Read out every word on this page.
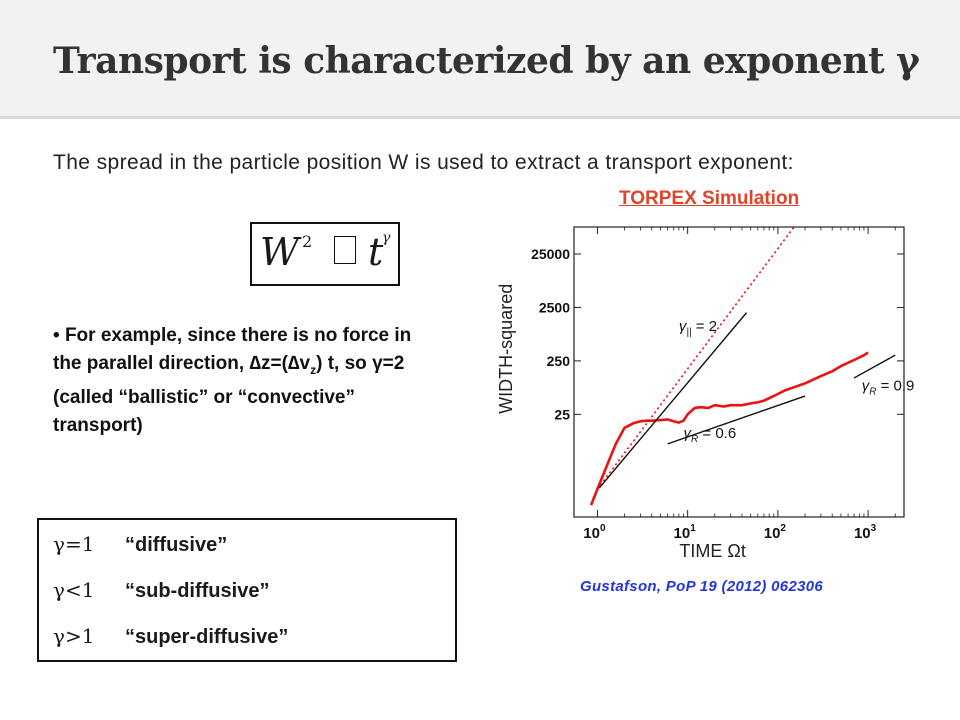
Transport is characterized by an exponent γ
The spread in the particle position W is used to extract a transport exponent:
W 2 t
γ
• For example, since there is no force in the parallel direction, $\Delta z=(\Delta v_z)$ t, so γ=2 (called “ballistic” or “convective” transport)
γ=1 “diffusive”
γ<1 “sub-diffusive”
γ>1 “super-diffusive”
TORPEX Simulation
$10^0$	$10^1$	$10^2$	$10^3$
25
250
2500
25000
TIME Ωt
WIDTH-squared	$\gamma_{||} = 2$
$\gamma_R = 0.6$
$\gamma_R = 0.9$
Gustafson, PoP 19 (2012) 062306
